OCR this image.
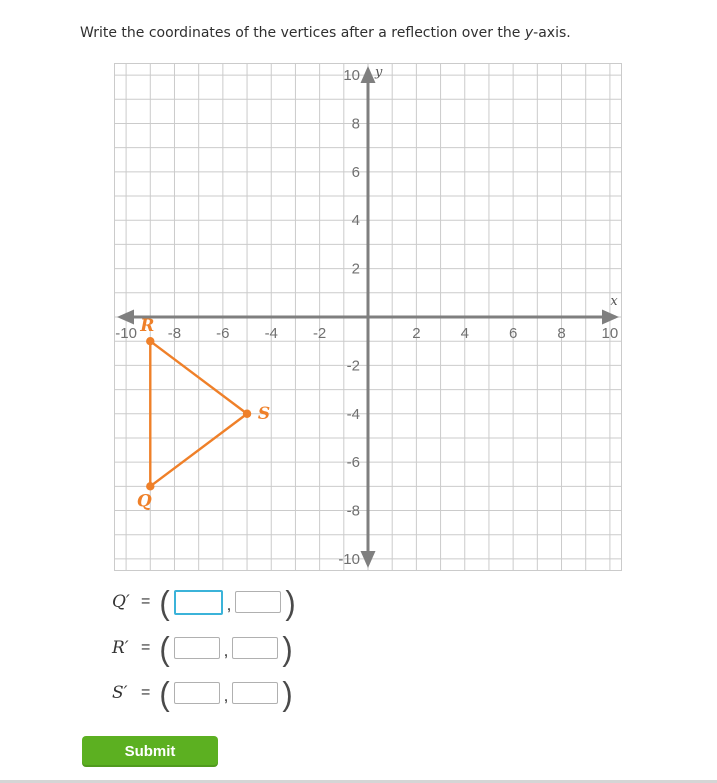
Write the coordinates of the vertices after a reflection over the y-axis.
-10 -8 -6 -4 -2	2	4	6	8 10
-10
-8
-6
-4
-2
2
4
6
8
10
x
y
Q
R
S
Q′ = (	, )
R′ = (	, )
S′ = (	, )
Submit
